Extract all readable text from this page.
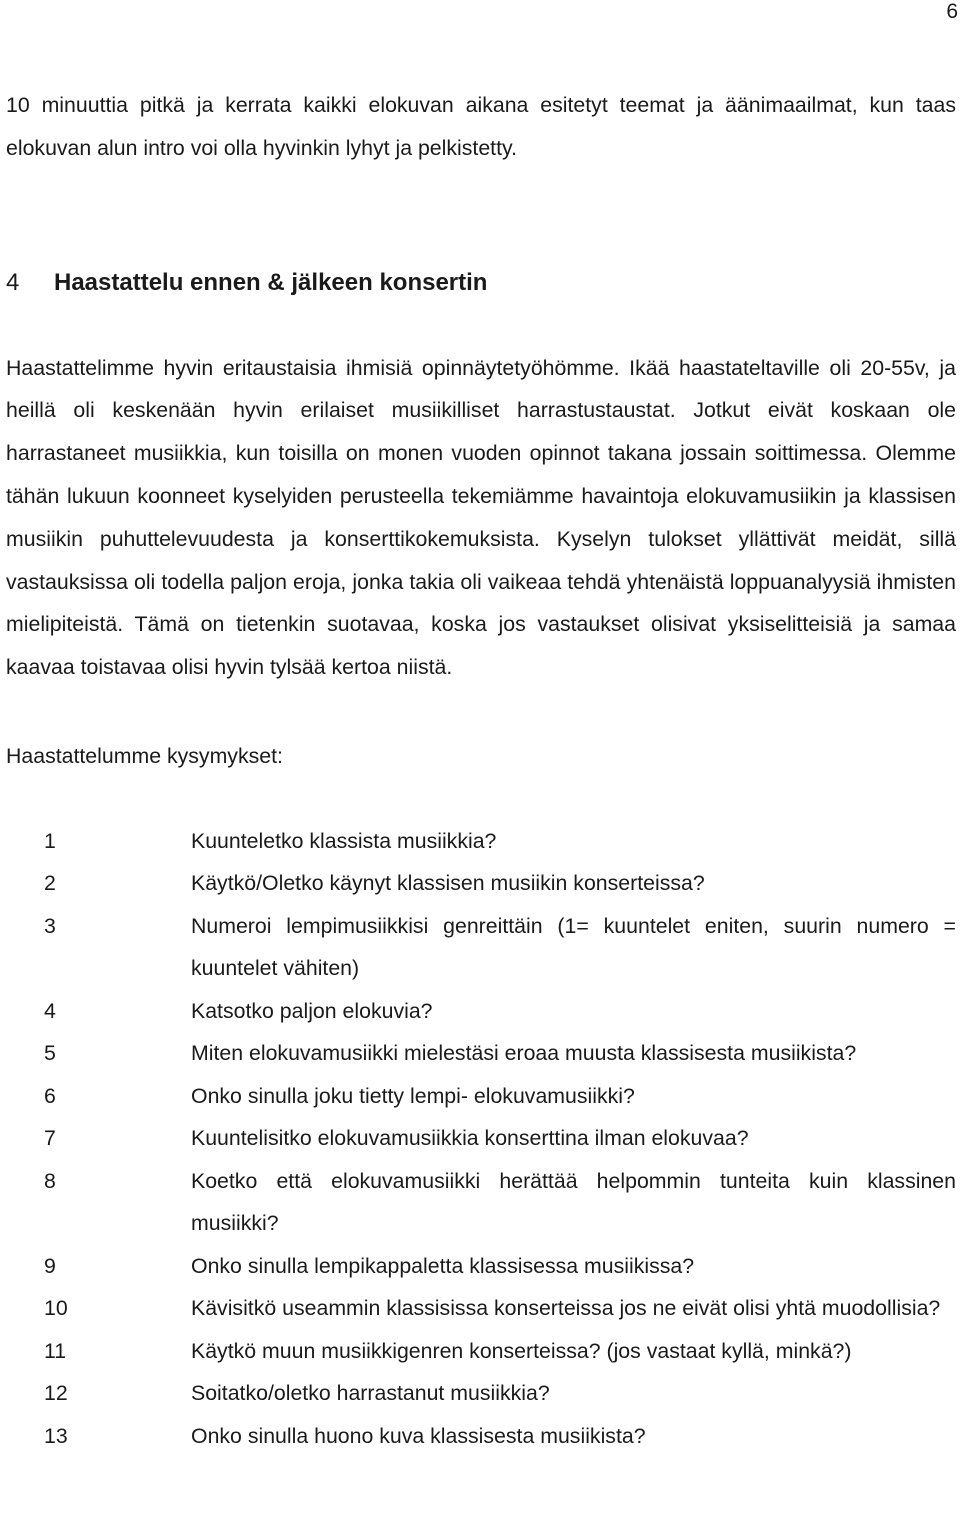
6

10 minuuttia pitkä ja kerrata kaikki elokuvan aikana esitetyt teemat ja äänimaailmat, kun taas elokuvan alun intro voi olla hyvinkin lyhyt ja pelkistetty.

4	Haastattelu ennen & jälkeen konsertin

Haastattelimme hyvin eritaustaisia ihmisiä opinnäytetyöhömme. Ikää haastateltaville oli 20-55v, ja heillä oli keskenään hyvin erilaiset musiikilliset harrastustaustat. Jotkut eivät koskaan ole harrastaneet musiikkia, kun toisilla on monen vuoden opinnot takana jossain soittimessa. Olemme tähän lukuun koonneet kyselyiden perusteella tekemiämme havaintoja elokuvamusiikin ja klassisen musiikin puhuttelevuudesta ja konserttikokemuksista. Kyselyn tulokset yllättivät meidät, sillä vastauksissa oli todella paljon eroja, jonka takia oli vaikeaa tehdä yhtenäistä loppuanalyysiä ihmisten mielipiteistä. Tämä on tietenkin suotavaa, koska jos vastaukset olisivat yksiselitteisiä ja samaa kaavaa toistavaa olisi hyvin tylsää kertoa niistä.

Haastattelumme kysymykset:

1	Kuunteletko klassista musiikkia?
2	Käytkö/Oletko käynyt klassisen musiikin konserteissa?
3	Numeroi lempimusiikkisi genreittäin (1= kuuntelet eniten, suurin numero = kuuntelet vähiten)
4	Katsotko paljon elokuvia?
5	Miten elokuvamusiikki mielestäsi eroaa muusta klassisesta musiikista?
6	Onko sinulla joku tietty lempi- elokuvamusiikki?
7	Kuuntelisitko elokuvamusiikkia konserttina ilman elokuvaa?
8	Koetko että elokuvamusiikki herättää helpommin tunteita kuin klassinen musiikki?
9	Onko sinulla lempikappaletta klassisessa musiikissa?
10	Kävisitkö useammin klassisissa konserteissa jos ne eivät olisi yhtä muodollisia?
11	Käytkö muun musiikkigenren konserteissa? (jos vastaat kyllä, minkä?)
12	Soitatko/oletko harrastanut musiikkia?
13	Onko sinulla huono kuva klassisesta musiikista?
